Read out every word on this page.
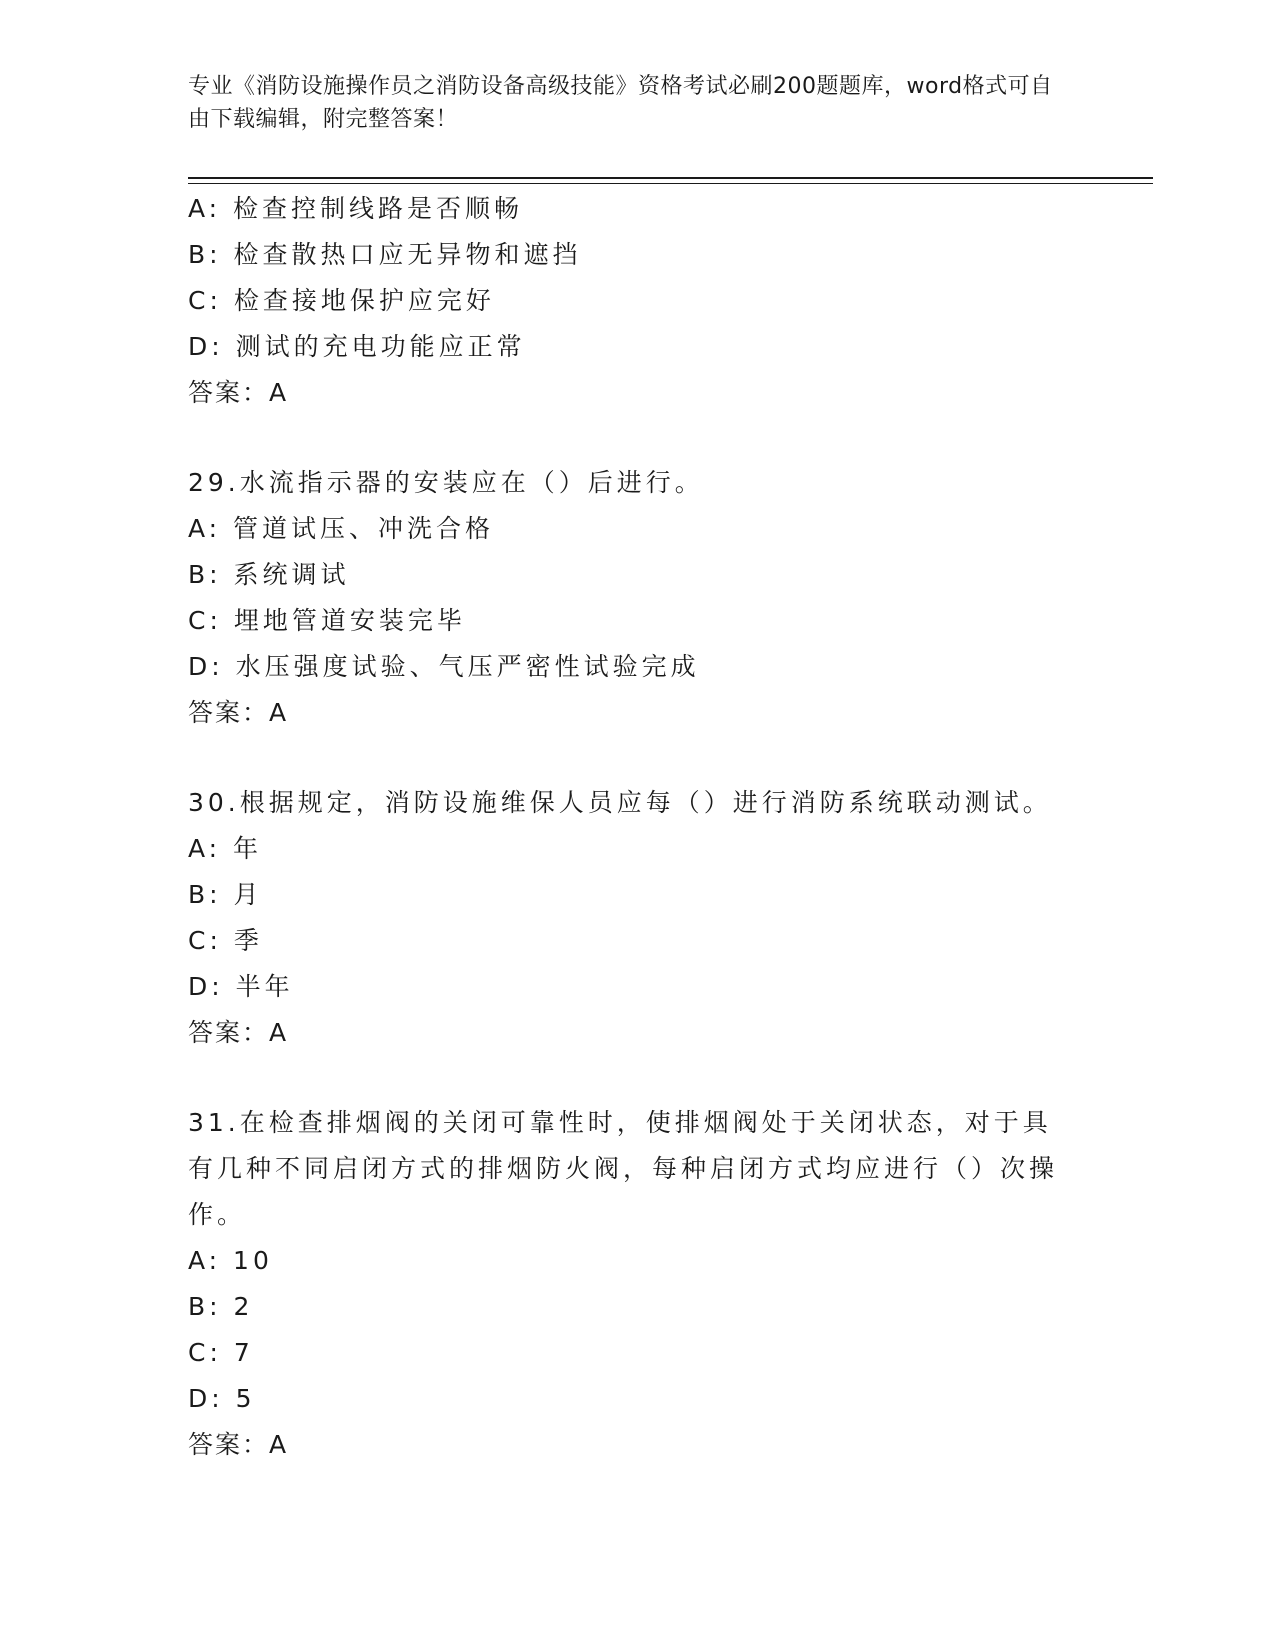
专业《消防设施操作员之消防设备高级技能》资格考试必刷200题题库，word格式可自由下载编辑，附完整答案！
A: 检查控制线路是否顺畅
B: 检查散热口应无异物和遮挡
C: 检查接地保护应完好
D: 测试的充电功能应正常
答案：A
29.水流指示器的安装应在（）后进行。
A: 管道试压、冲洗合格
B: 系统调试
C: 埋地管道安装完毕
D: 水压强度试验、气压严密性试验完成
答案：A
30.根据规定，消防设施维保人员应每（）进行消防系统联动测试。
A: 年
B: 月
C: 季
D: 半年
答案：A
31.在检查排烟阀的关闭可靠性时，使排烟阀处于关闭状态，对于具有几种不同启闭方式的排烟防火阀，每种启闭方式均应进行（）次操作。
A: 10
B: 2
C: 7
D: 5
答案：A
